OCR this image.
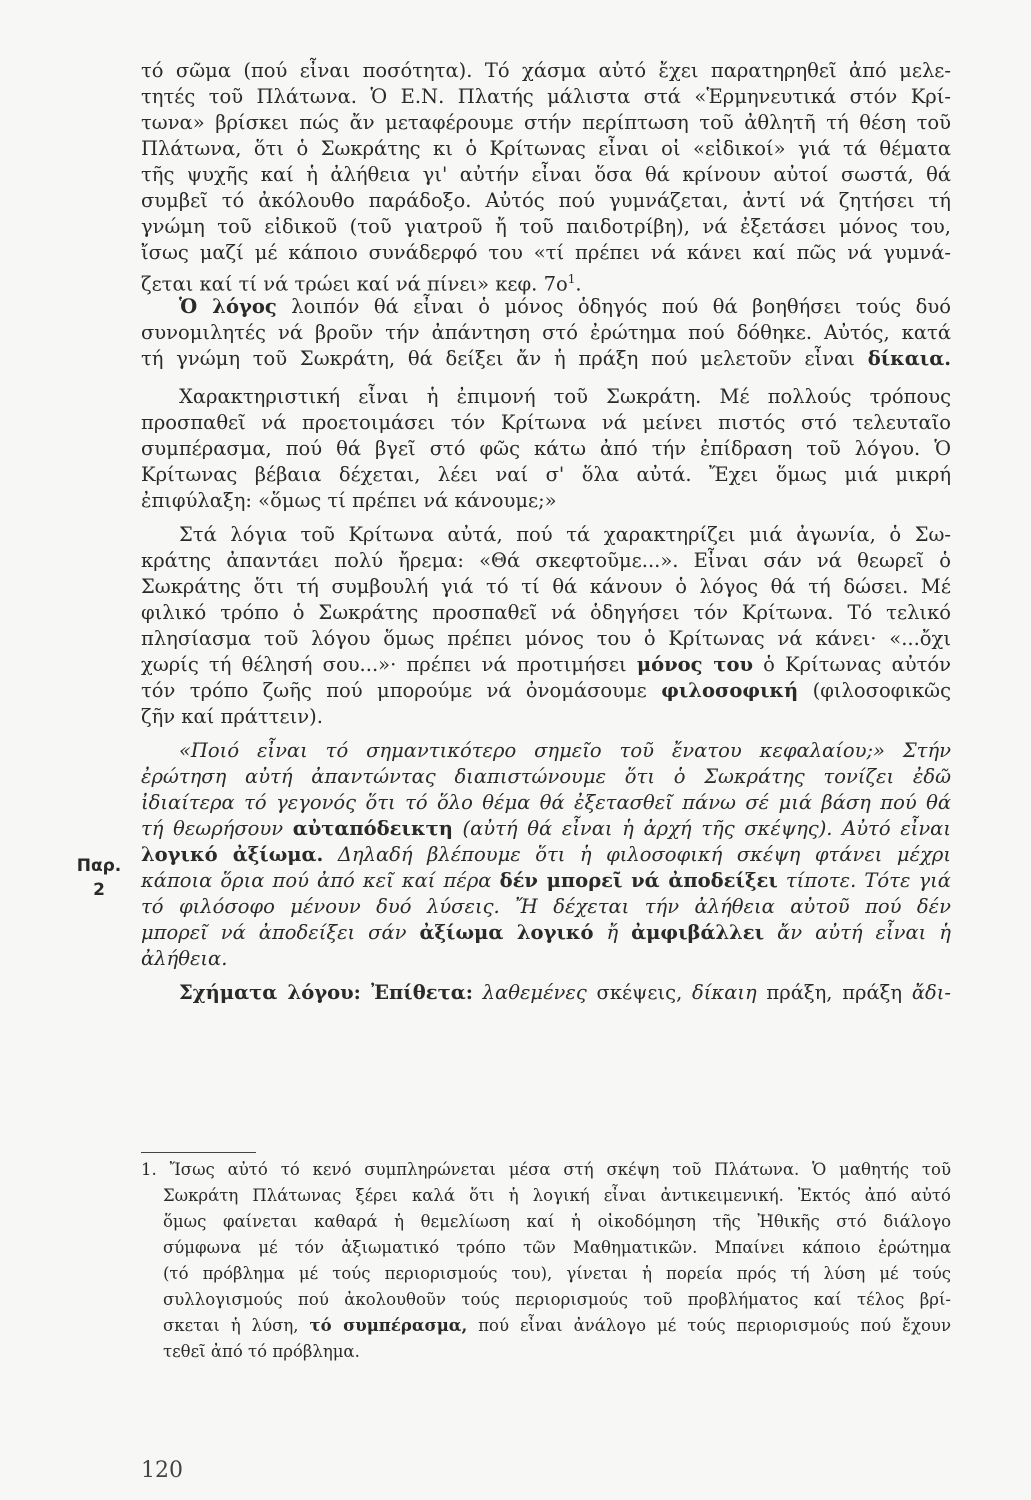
τό σῶμα (πού εἶναι ποσότητα). Τό χάσμα αὐτό ἔχει παρατηρηθεῖ ἀπό μελε-
τητές τοῦ Πλάτωνα. Ὁ Ε.Ν. Πλατής μάλιστα στά «Ἑρμηνευτικά στόν Κρί-
τωνα» βρίσκει πώς ἄν μεταφέρουμε στήν περίπτωση τοῦ ἀθλητῆ τή θέση τοῦ
Πλάτωνα, ὅτι ὁ Σωκράτης κι ὁ Κρίτωνας εἶναι οἱ «εἰδικοί» γιά τά θέματα
τῆς ψυχῆς καί ἡ ἀλήθεια γι' αὐτήν εἶναι ὅσα θά κρίνουν αὐτοί σωστά, θά
συμβεῖ τό ἀκόλουθο παράδοξο. Αὐτός πού γυμνάζεται, ἀντί νά ζητήσει τή
γνώμη τοῦ εἰδικοῦ (τοῦ γιατροῦ ἤ τοῦ παιδοτρίβη), νά ἐξετάσει μόνος του,
ἴσως μαζί μέ κάποιο συνάδερφό του «τί πρέπει νά κάνει καί πῶς νά γυμνά-
ζεται καί τί νά τρώει καί νά πίνει» κεφ. $7o^1$.
Ὁ λόγος λοιπόν θά εἶναι ὁ μόνος ὁδηγός πού θά βοηθήσει τούς δυό
συνομιλητές νά βροῦν τήν ἀπάντηση στό ἐρώτημα πού δόθηκε. Αὐτός, κατά
τή γνώμη τοῦ Σωκράτη, θά δείξει ἄν ἡ πράξη πού μελετοῦν εἶναι δίκαια.
Χαρακτηριστική εἶναι ἡ ἐπιμονή τοῦ Σωκράτη. Μέ πολλούς τρόπους
προσπαθεῖ νά προετοιμάσει τόν Κρίτωνα νά μείνει πιστός στό τελευταῖο
συμπέρασμα, πού θά βγεῖ στό φῶς κάτω ἀπό τήν ἐπίδραση τοῦ λόγου. Ὁ
Κρίτωνας βέβαια δέχεται, λέει ναί σ' ὅλα αὐτά. Ἔχει ὅμως μιά μικρή
ἐπιφύλαξη: «ὅμως τί πρέπει νά κάνουμε;»
Στά λόγια τοῦ Κρίτωνα αὐτά, πού τά χαρακτηρίζει μιά ἀγωνία, ὁ Σω-
κράτης ἀπαντάει πολύ ἤρεμα: «Θά σκεφτοῦμε...». Εἶναι σάν νά θεωρεῖ ὁ
Σωκράτης ὅτι τή συμβουλή γιά τό τί θά κάνουν ὁ λόγος θά τή δώσει. Μέ
φιλικό τρόπο ὁ Σωκράτης προσπαθεῖ νά ὁδηγήσει τόν Κρίτωνα. Τό τελικό
πλησίασμα τοῦ λόγου ὅμως πρέπει μόνος του ὁ Κρίτωνας νά κάνει· «...ὄχι
χωρίς τή θέλησή σου...»· πρέπει νά προτιμήσει μόνος του ὁ Κρίτωνας αὐτόν
τόν τρόπο ζωῆς πού μπορούμε νά ὀνομάσουμε φιλοσοφική (φιλοσοφικῶς
ζῆν καί πράττειν).
«Ποιό εἶναι τό σημαντικότερο σημεῖο τοῦ ἔνατου κεφαλαίου;» Στήν
ἐρώτηση αὐτή ἀπαντώντας διαπιστώνουμε ὅτι ὁ Σωκράτης τονίζει ἐδῶ
ἰδιαίτερα τό γεγονός ὅτι τό ὅλο θέμα θά ἐξετασθεῖ πάνω σέ μιά βάση πού θά
τή θεωρήσουν αὐταπόδεικτη (αὐτή θά εἶναι ἡ ἀρχή τῆς σκέψης). Αὐτό εἶναι
λογικό ἀξίωμα. Δηλαδή βλέπουμε ὅτι ἡ φιλοσοφική σκέψη φτάνει μέχρι
κάποια ὅρια πού ἀπό κεῖ καί πέρα δέν μπορεῖ νά ἀποδείξει τίποτε. Τότε γιά
τό φιλόσοφο μένουν δυό λύσεις. Ἤ δέχεται τήν ἀλήθεια αὐτοῦ πού δέν
μπορεῖ νά ἀποδείξει σάν ἀξίωμα λογικό ἤ ἀμφιβάλλει ἄν αὐτή εἶναι ἡ
ἀλήθεια.
Σχήματα λόγου: Ἐπίθετα: λαθεμένες σκέψεις, δίκαιη πράξη, πράξη ἄδι-
1. Ἴσως αὐτό τό κενό συμπληρώνεται μέσα στή σκέψη τοῦ Πλάτωνα. Ὁ μαθητής τοῦ
Σωκράτη Πλάτωνας ξέρει καλά ὅτι ἡ λογική εἶναι ἀντικειμενική. Ἐκτός ἀπό αὐτό
ὅμως φαίνεται καθαρά ἡ θεμελίωση καί ἡ οἰκοδόμηση τῆς Ἠθικῆς στό διάλογο
σύμφωνα μέ τόν ἀξιωματικό τρόπο τῶν Μαθηματικῶν. Μπαίνει κάποιο ἐρώτημα
(τό πρόβλημα μέ τούς περιορισμούς του), γίνεται ἡ πορεία πρός τή λύση μέ τούς
συλλογισμούς πού ἀκολουθοῦν τούς περιορισμούς τοῦ προβλήματος καί τέλος βρί-
σκεται ἡ λύση, τό συμπέρασμα, πού εἶναι ἀνάλογο μέ τούς περιορισμούς πού ἔχουν
τεθεῖ ἀπό τό πρόβλημα.
Παρ.
2
120
